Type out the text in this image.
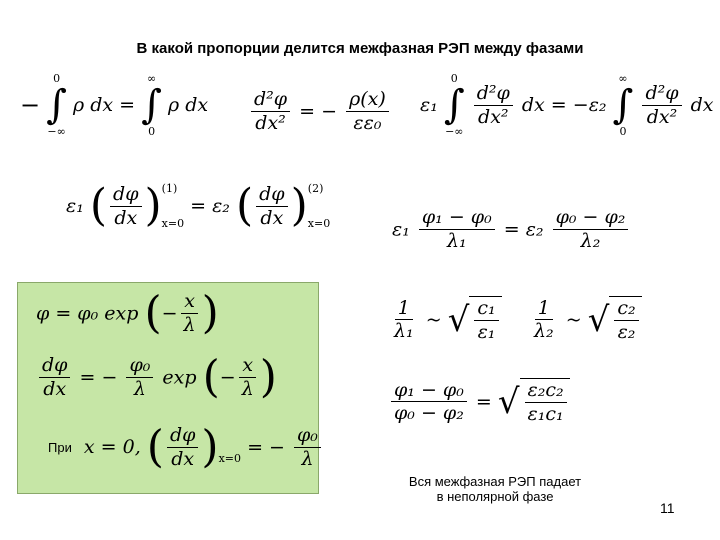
В какой пропорции делится межфазная РЭП между фазами
−
0
∫
−∞
ρ dx =
∞
∫
0
ρ dx $\frac{\text{d²φ}}{\text{dx²}}$ = − $\frac{\rho(x)}{\text{εε₀}} \varepsilon_1$
0
∫
−∞

$\frac{\text{d²φ}}{\text{dx²}}$ dx = −ε₂
∞
∫
0

$\frac{\text{d²φ}}{\text{dx²}}$ dx
ε₁ ( $\frac{d\varphi}{dx}$ ) (1)
x=0
= ε₂ ( $\frac{d\varphi}{dx}$ ) (2)
x=0	$\varepsilon_1 \frac{\text{φ₁ − φ₀}}{\text{λ₁}} = \varepsilon_2 \frac{\text{φ₀ − φ₂}}{\text{λ₂}}$
φ = φ₀ exp (− $\frac{x}{\lambda}$ )
$\frac{d\varphi}{dx}$ = − $\frac{\text{φ₀}}{\lambda}$ exp (− $\frac{x}{\lambda}$ )
При x = 0, ( $\frac{d\varphi}{dx}$ ) x=0 = − $\frac{\text{φ₀}}{\lambda}$
$\frac{1}{\text{λ₁}}$ ~ √ $\frac{\text{c₁}}{\text{ε₁}} \frac{1}{\text{λ₂}}$ ~ √ $\frac{\text{c₂}}{\text{ε₂}}$
$\frac{\text{φ₁ − φ₀}}{\text{φ₀ − φ₂}}$ = √ $\frac{\text{ε₂c₂}}{\text{ε₁c₁}}$
Вся межфазная РЭП падает
в неполярной фазе
11
